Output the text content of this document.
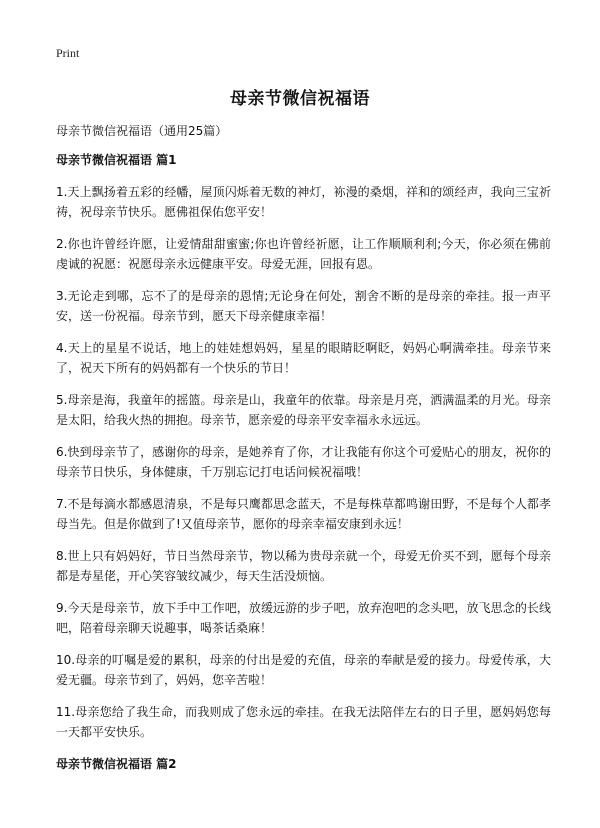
Print
母亲节微信祝福语

母亲节微信祝福语（通用25篇）

母亲节微信祝福语 篇1

1.天上飘扬着五彩的经幡，屋顶闪烁着无数的神灯，袮漫的桑烟，祥和的颂经声，我向三宝祈祷，祝母亲节快乐。愿佛祖保佑您平安！

2.你也许曾经许愿，让爱情甜甜蜜蜜;你也许曾经祈愿，让工作顺顺利利;今天，你必须在佛前虔诚的祝愿：祝愿母亲永远健康平安。母爱无涯，回报有恩。

3.无论走到哪，忘不了的是母亲的恩情;无论身在何处，割舍不断的是母亲的牵挂。报一声平安，送一份祝福。母亲节到，愿天下母亲健康幸福！

4.天上的星星不说话，地上的娃娃想妈妈，星星的眼睛眨啊眨，妈妈心啊满牵挂。母亲节来了，祝天下所有的妈妈都有一个快乐的节日！

5.母亲是海，我童年的摇篮。母亲是山，我童年的依靠。母亲是月亮，洒满温柔的月光。母亲是太阳，给我火热的拥抱。母亲节，愿亲爱的母亲平安幸福永永远远。

6.快到母亲节了，感谢你的母亲，是她养育了你，才让我能有你这个可爱贴心的朋友，祝你的母亲节日快乐，身体健康，千万别忘记打电话问候祝福哦！

7.不是每滴水都感恩清泉，不是每只鹰都思念蓝天，不是每株草都鸣谢田野，不是每个人都孝母当先。但是你做到了!又值母亲节，愿你的母亲幸福安康到永远！

8.世上只有妈妈好，节日当然母亲节，物以稀为贵母亲就一个，母爱无价买不到，愿每个母亲都是寿星佬，开心笑容皱纹减少，每天生活没烦恼。

9.今天是母亲节，放下手中工作吧，放缓远游的步子吧，放弃泡吧的念头吧，放飞思念的长线吧，陪着母亲聊天说趣事，喝茶话桑麻！

10.母亲的叮嘱是爱的累积，母亲的付出是爱的充值，母亲的奉献是爱的接力。母爱传承，大爱无疆。母亲节到了，妈妈，您辛苦啦！

11.母亲您给了我生命，而我则成了您永远的牵挂。在我无法陪伴左右的日子里，愿妈妈您每一天都平安快乐。

母亲节微信祝福语 篇2
